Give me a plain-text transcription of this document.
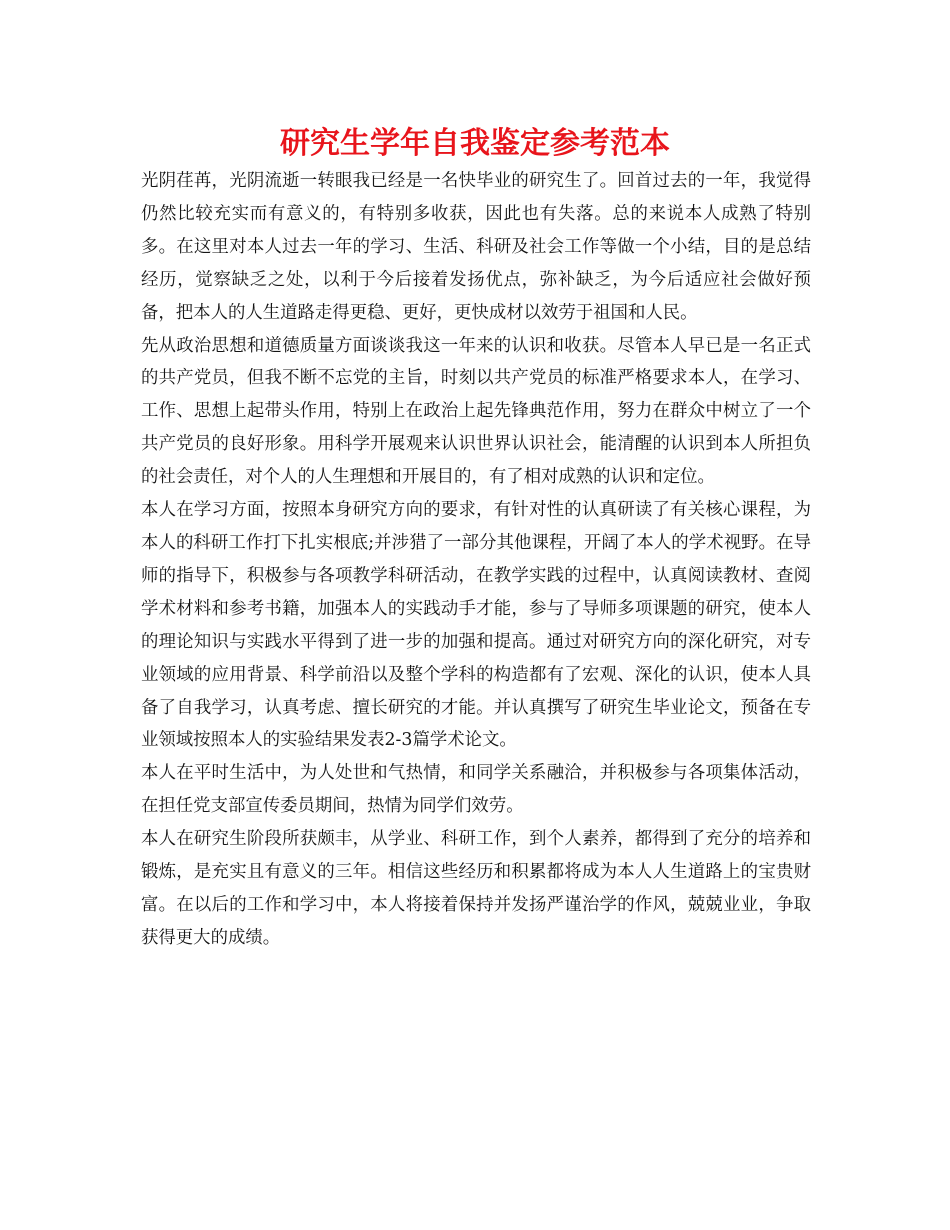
研究生学年自我鉴定参考范本

光阴荏苒，光阴流逝一转眼我已经是一名快毕业的研究生了。回首过去的一年，我觉得仍然比较充实而有意义的，有特别多收获，因此也有失落。总的来说本人成熟了特别多。在这里对本人过去一年的学习、生活、科研及社会工作等做一个小结，目的是总结经历，觉察缺乏之处，以利于今后接着发扬优点，弥补缺乏，为今后适应社会做好预备，把本人的人生道路走得更稳、更好，更快成材以效劳于祖国和人民。

先从政治思想和道德质量方面谈谈我这一年来的认识和收获。尽管本人早已是一名正式的共产党员，但我不断不忘党的主旨，时刻以共产党员的标准严格要求本人，在学习、工作、思想上起带头作用，特别上在政治上起先锋典范作用，努力在群众中树立了一个共产党员的良好形象。用科学开展观来认识世界认识社会，能清醒的认识到本人所担负的社会责任，对个人的人生理想和开展目的，有了相对成熟的认识和定位。

本人在学习方面，按照本身研究方向的要求，有针对性的认真研读了有关核心课程，为本人的科研工作打下扎实根底;并涉猎了一部分其他课程，开阔了本人的学术视野。在导师的指导下，积极参与各项教学科研活动，在教学实践的过程中，认真阅读教材、查阅学术材料和参考书籍，加强本人的实践动手才能，参与了导师多项课题的研究，使本人的理论知识与实践水平得到了进一步的加强和提高。通过对研究方向的深化研究，对专业领域的应用背景、科学前沿以及整个学科的构造都有了宏观、深化的认识，使本人具备了自我学习，认真考虑、擅长研究的才能。并认真撰写了研究生毕业论文，预备在专业领域按照本人的实验结果发表2-3篇学术论文。

本人在平时生活中，为人处世和气热情，和同学关系融洽，并积极参与各项集体活动，在担任党支部宣传委员期间，热情为同学们效劳。

本人在研究生阶段所获颇丰，从学业、科研工作，到个人素养，都得到了充分的培养和锻炼，是充实且有意义的三年。相信这些经历和积累都将成为本人人生道路上的宝贵财富。在以后的工作和学习中，本人将接着保持并发扬严谨治学的作风，兢兢业业，争取获得更大的成绩。
